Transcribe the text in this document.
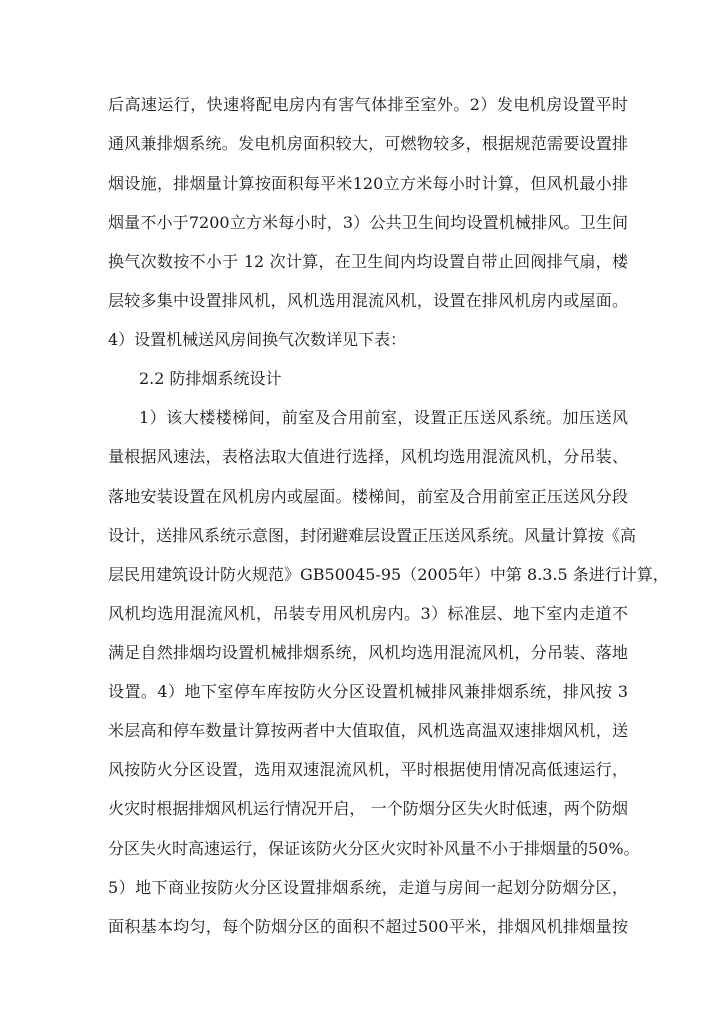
后高速运行，快速将配电房内有害气体排至室外。2）发电机房设置平时
通风兼排烟系统。发电机房面积较大，可燃物较多，根据规范需要设置排
烟设施，排烟量计算按面积每平米120立方米每小时计算，但风机最小排
烟量不小于7200立方米每小时，3）公共卫生间均设置机械排风。卫生间
换气次数按不小于 12 次计算，在卫生间内均设置自带止回阀排气扇，楼
层较多集中设置排风机，风机选用混流风机，设置在排风机房内或屋面。
4）设置机械送风房间换气次数详见下表：
2.2 防排烟系统设计
1）该大楼楼梯间，前室及合用前室，设置正压送风系统。加压送风
量根据风速法，表格法取大值进行选择，风机均选用混流风机，分吊装、
落地安装设置在风机房内或屋面。楼梯间，前室及合用前室正压送风分段
设计，送排风系统示意图，封闭避难层设置正压送风系统。风量计算按《高
层民用建筑设计防火规范》GB50045-95（2005年）中第 8.3.5 条进行计算，
风机均选用混流风机，吊装专用风机房内。3）标准层、地下室内走道不
满足自然排烟均设置机械排烟系统，风机均选用混流风机，分吊装、落地
设置。4）地下室停车库按防火分区设置机械排风兼排烟系统，排风按 3
米层高和停车数量计算按两者中大值取值，风机选高温双速排烟风机，送
风按防火分区设置，选用双速混流风机，平时根据使用情况高低速运行，
火灾时根据排烟风机运行情况开启， 一个防烟分区失火时低速，两个防烟
分区失火时高速运行，保证该防火分区火灾时补风量不小于排烟量的50%。
5）地下商业按防火分区设置排烟系统，走道与房间一起划分防烟分区，
面积基本均匀，每个防烟分区的面积不超过500平米，排烟风机排烟量按
